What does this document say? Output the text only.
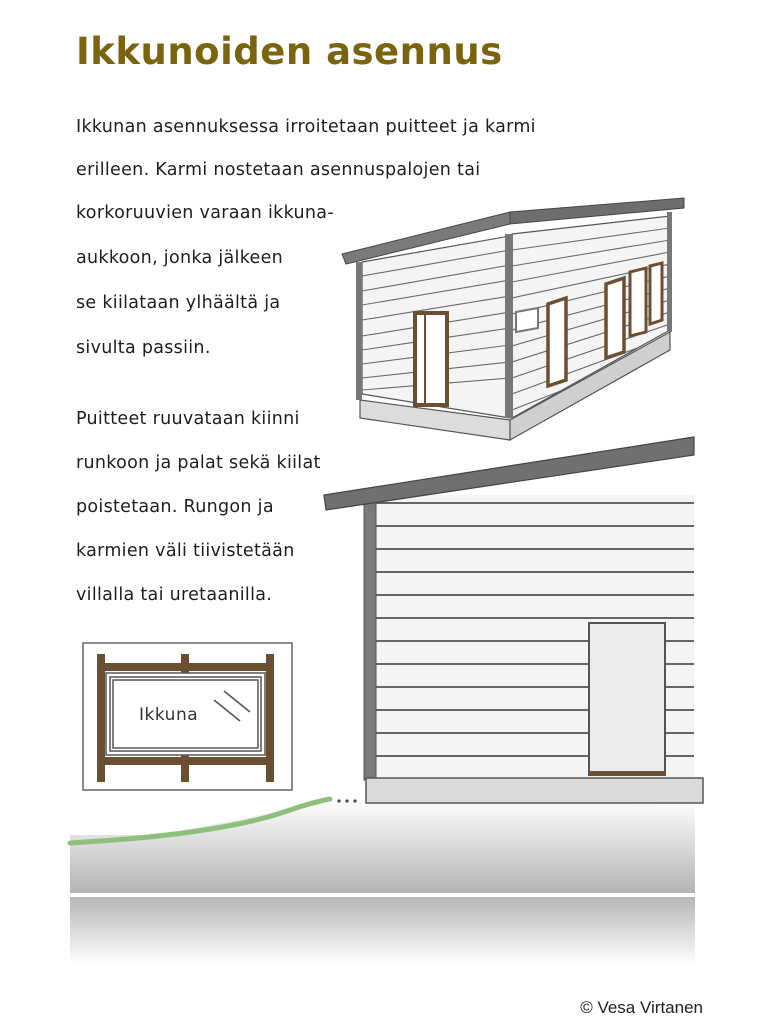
Ikkuna
Ikkunoiden asennus

Ikkunan asennuksessa irroitetaan puitteet ja karmi

erilleen. Karmi nostetaan asennuspalojen tai

korkoruuvien varaan ikkuna-

aukkoon, jonka jälkeen

se kiilataan ylhäältä ja

sivulta passiin.

Puitteet ruuvataan kiinni

runkoon ja palat sekä kiilat

poistetaan. Rungon ja

karmien väli tiivistetään

villalla tai uretaanilla.

© Vesa Virtanen
